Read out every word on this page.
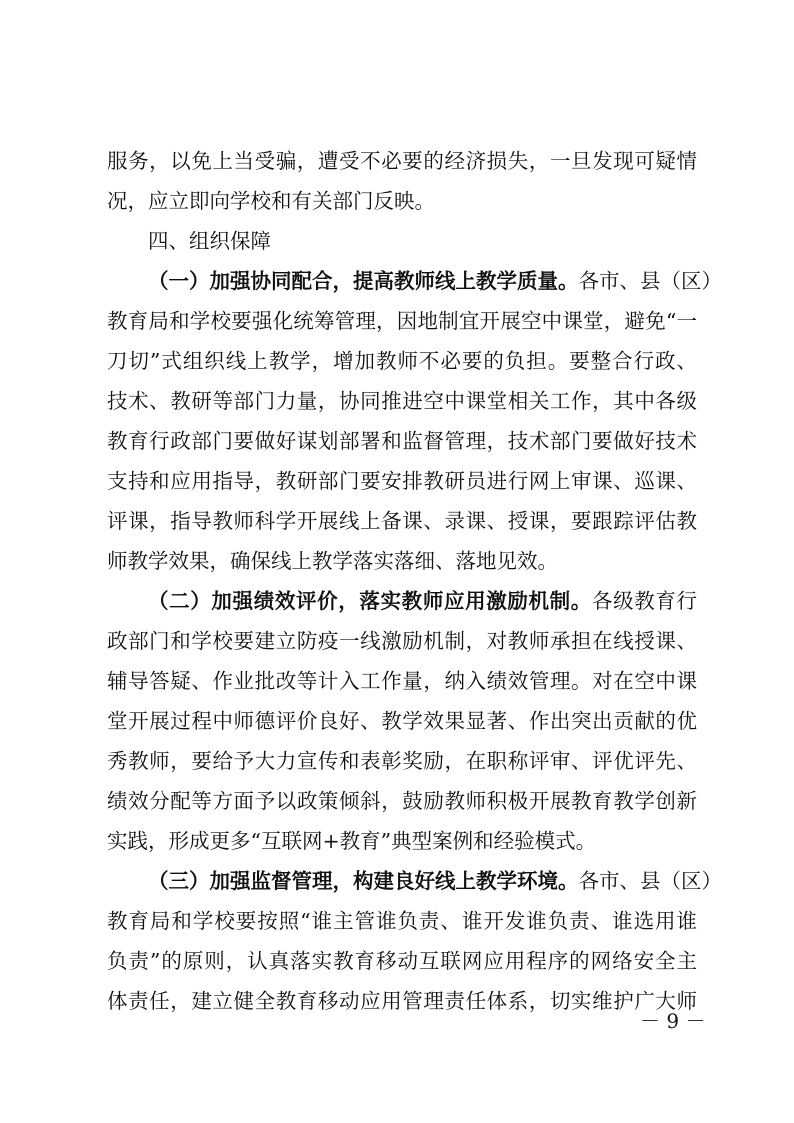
服务，以免上当受骗，遭受不必要的经济损失，一旦发现可疑情

况，应立即向学校和有关部门反映。

四、组织保障

（一）加强协同配合，提高教师线上教学质量。各市、县（区）

教育局和学校要强化统筹管理，因地制宜开展空中课堂，避免“一

刀切”式组织线上教学，增加教师不必要的负担。要整合行政、

技术、教研等部门力量，协同推进空中课堂相关工作，其中各级

教育行政部门要做好谋划部署和监督管理，技术部门要做好技术

支持和应用指导，教研部门要安排教研员进行网上审课、巡课、

评课，指导教师科学开展线上备课、录课、授课，要跟踪评估教

师教学效果，确保线上教学落实落细、落地见效。

（二）加强绩效评价，落实教师应用激励机制。各级教育行

政部门和学校要建立防疫一线激励机制，对教师承担在线授课、

辅导答疑、作业批改等计入工作量，纳入绩效管理。对在空中课

堂开展过程中师德评价良好、教学效果显著、作出突出贡献的优

秀教师，要给予大力宣传和表彰奖励，在职称评审、评优评先、

绩效分配等方面予以政策倾斜，鼓励教师积极开展教育教学创新

实践，形成更多“互联网+教育”典型案例和经验模式。

（三）加强监督管理，构建良好线上教学环境。各市、县（区）

教育局和学校要按照“谁主管谁负责、谁开发谁负责、谁选用谁

负责”的原则，认真落实教育移动互联网应用程序的网络安全主

体责任，建立健全教育移动应用管理责任体系，切实维护广大师

－ 9 －
